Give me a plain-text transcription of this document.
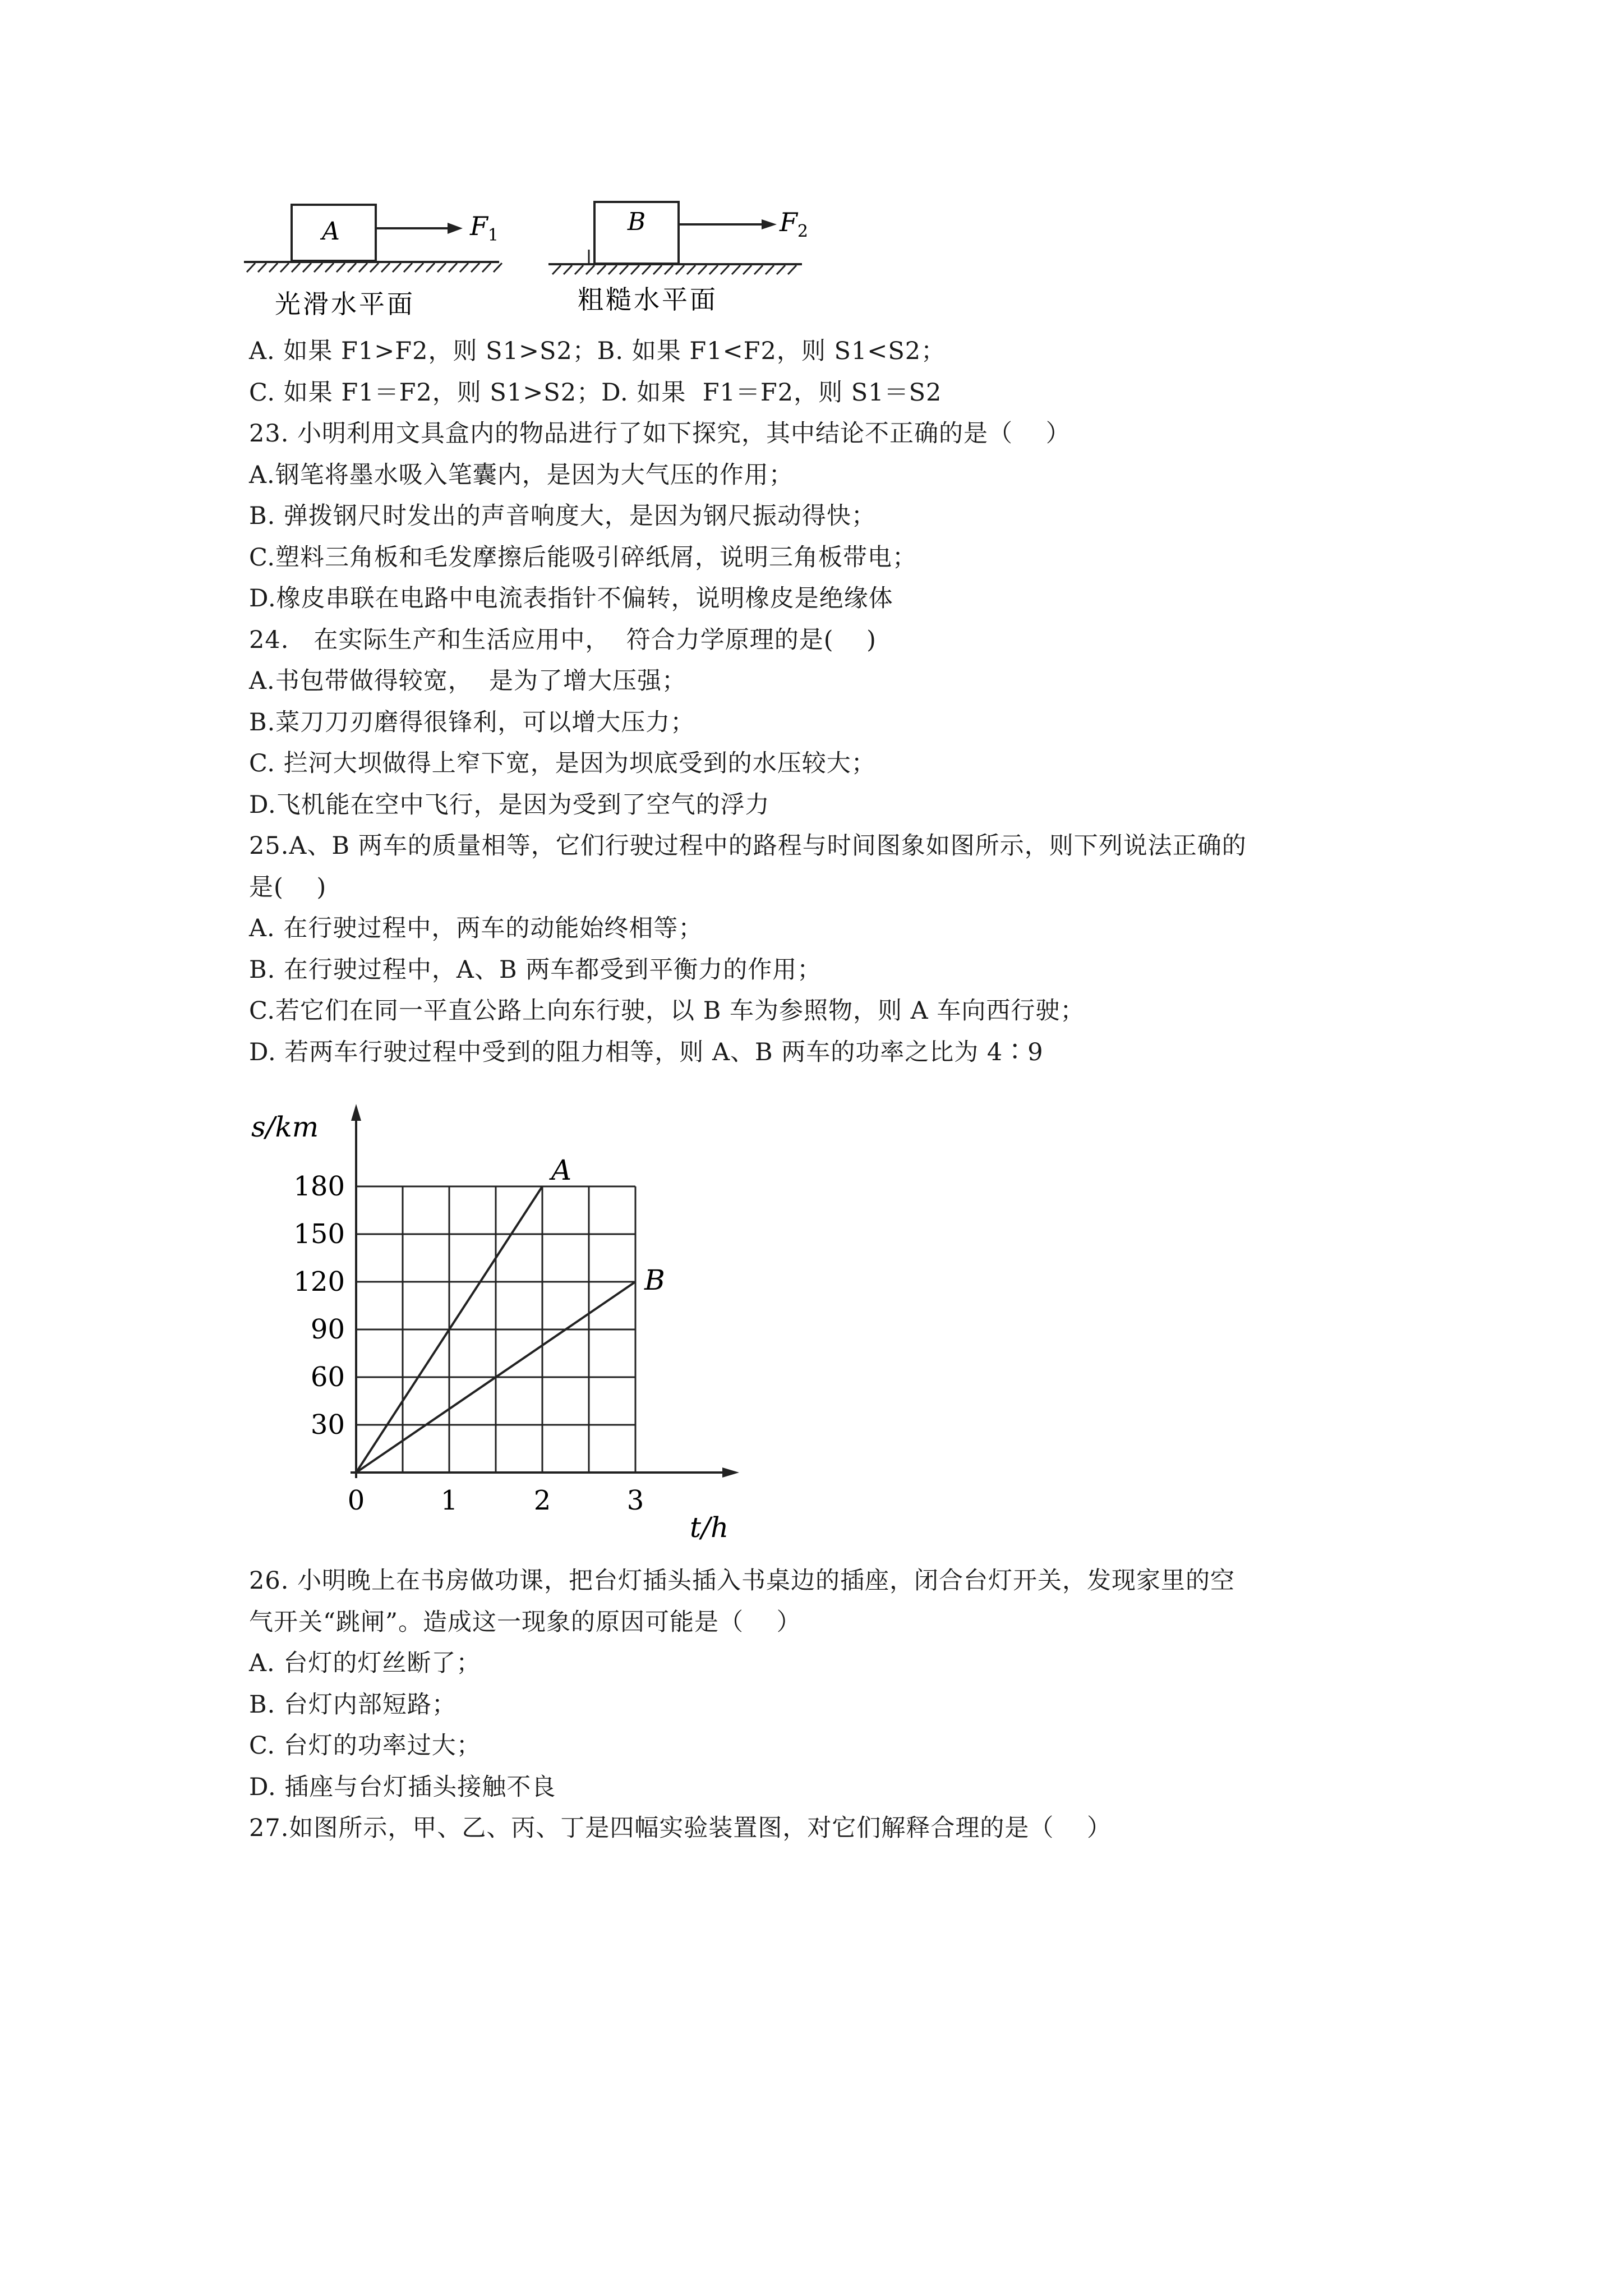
A	$F_1$
光滑水平面
B	$F_2$
粗糙水平面
A. 如果 F1>F2，则 S1>S2；B. 如果 F1<F2，则 S1<S2；
C. 如果 F1＝F2，则 S1>S2；D. 如果  F1＝F2，则 S1＝S2
23. 小明利用文具盒内的物品进行了如下探究，其中结论不正确的是（    ）
A.钢笔将墨水吸入笔囊内，是因为大气压的作用；
B. 弹拨钢尺时发出的声音响度大，是因为钢尺振动得快；
C.塑料三角板和毛发摩擦后能吸引碎纸屑，说明三角板带电；
D.橡皮串联在电路中电流表指针不偏转，说明橡皮是绝缘体
24.   在实际生产和生活应用中，  符合力学原理的是(    )
A.书包带做得较宽，  是为了增大压强；
B.菜刀刀刃磨得很锋利，可以增大压力；
C. 拦河大坝做得上窄下宽，是因为坝底受到的水压较大；
D.飞机能在空中飞行，是因为受到了空气的浮力
25.A、B 两车的质量相等，它们行驶过程中的路程与时间图象如图所示，则下列说法正确的
是(    )
A. 在行驶过程中，两车的动能始终相等；
B. 在行驶过程中，A、B 两车都受到平衡力的作用；
C.若它们在同一平直公路上向东行驶，以 B 车为参照物，则 A 车向西行驶；
D. 若两车行驶过程中受到的阻力相等，则 A、B 两车的功率之比为 4∶9
s/km
t/h
30
60
90
120
150
180
0	1	2	3
A
B
26. 小明晚上在书房做功课，把台灯插头插入书桌边的插座，闭合台灯开关，发现家里的空
气开关“跳闸”。造成这一现象的原因可能是（    ）
A. 台灯的灯丝断了；
B. 台灯内部短路；
C. 台灯的功率过大；
D. 插座与台灯插头接触不良
27.如图所示，甲、乙、丙、丁是四幅实验装置图，对它们解释合理的是（    ）
